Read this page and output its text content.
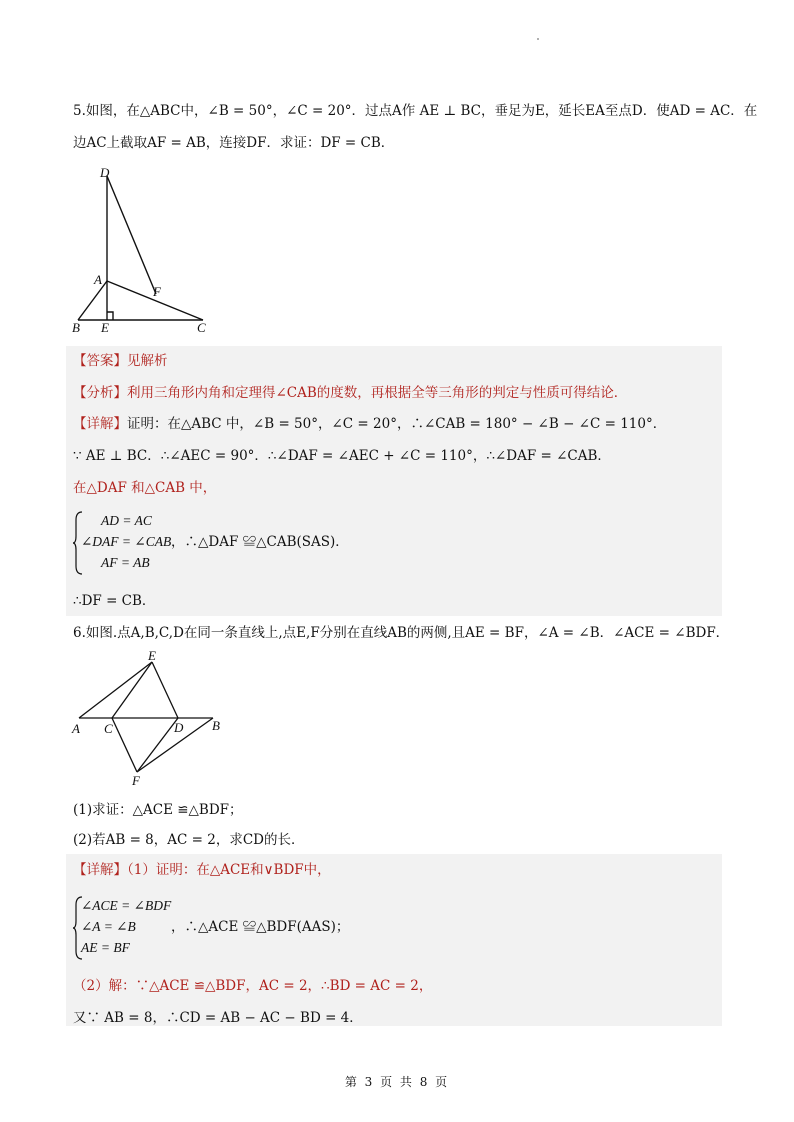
5.如图，在△ABC中，∠B = 50°，∠C = 20°．过点A作 AE ⊥ BC，垂足为E，延长EA至点D．使AD = AC．在
边AC上截取AF = AB，连接DF．求证：DF = CB．
D
A
F
B E	C
【答案】见解析
【分析】利用三角形内角和定理得∠CAB的度数，再根据全等三角形的判定与性质可得结论．
【详解】证明：在△ABC 中，∠B = 50°，∠C = 20°，∴∠CAB = 180° − ∠B − ∠C = 110°．
∵ AE ⊥ BC．∴∠AEC = 90°．∴∠DAF = ∠AEC + ∠C = 110°，∴∠DAF = ∠CAB．
在△DAF 和△CAB 中，
AD = AC
∠DAF = ∠CAB
AF = AB
，∴△DAF ≌△CAB(SAS)．
∴DF = CB．
6.如图.点A,B,C,D在同一条直线上,点E,F分别在直线AB的两侧,且AE = BF，∠A = ∠B．∠ACE = ∠BDF．
E
A C	D B
F
(1)求证：△ACE ≌△BDF；
(2)若AB = 8，AC = 2，求CD的长．
【详解】（1）证明：在△ACE和∨BDF中，
∠ACE = ∠BDF
∠A = ∠B
AE = BF
，∴△ACE ≌△BDF(AAS)；
（2）解：∵△ACE ≌△BDF，AC = 2，∴BD = AC = 2，
又∵ AB = 8，∴CD = AB − AC − BD = 4．
第 3 页 共 8 页
